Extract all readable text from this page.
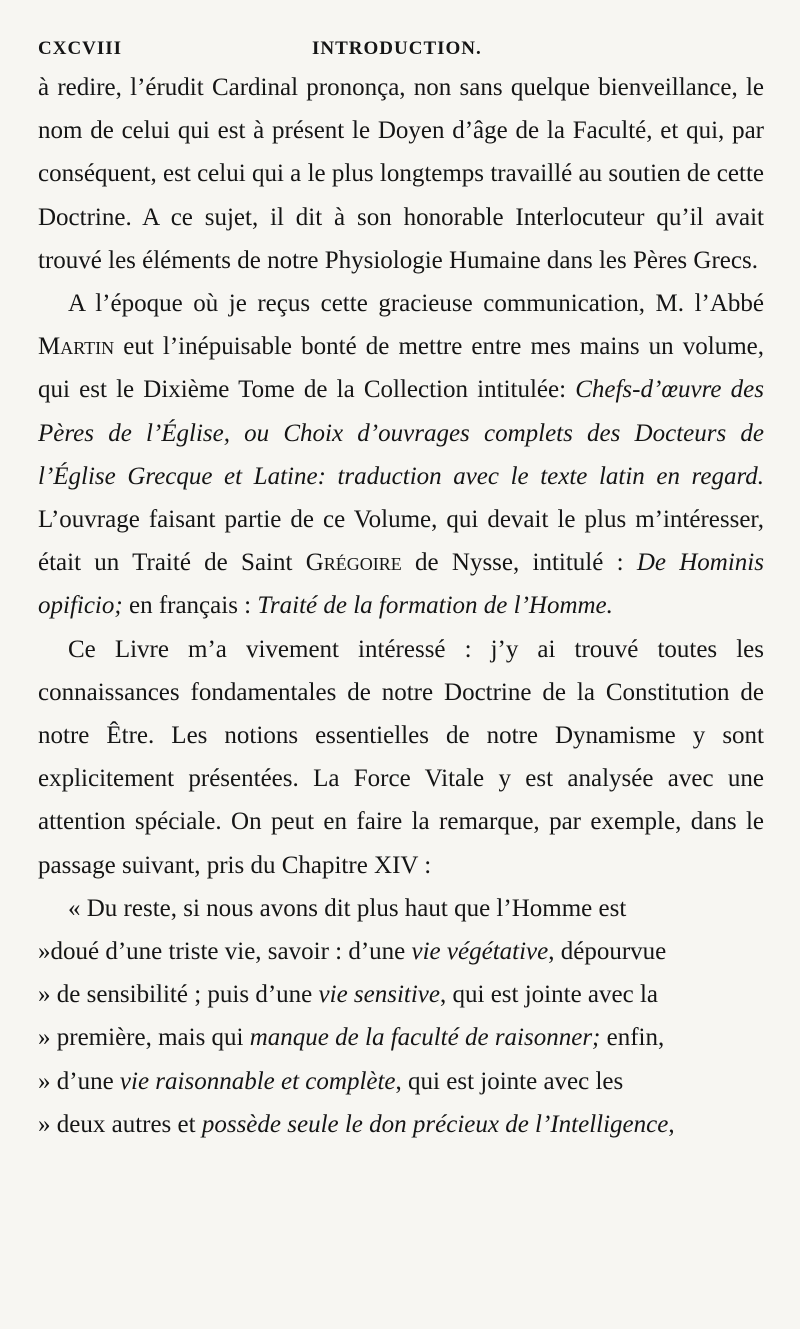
CXCVIII	INTRODUCTION.

à redire, l’érudit Cardinal prononça, non sans quelque bienveillance, le nom de celui qui est à présent le Doyen d’âge de la Faculté, et qui, par conséquent, est celui qui a le plus longtemps travaillé au soutien de cette Doctrine. A ce sujet, il dit à son honorable Interlocuteur qu’il avait trouvé les éléments de notre Physiologie Humaine dans les Pères Grecs.

A l’époque où je reçus cette gracieuse communication, M. l’Abbé Martin eut l’inépuisable bonté de mettre entre mes mains un volume, qui est le Dixième Tome de la Collection intitulée: Chefs-d’œuvre des Pères de l’Église, ou Choix d’ouvrages complets des Docteurs de l’Église Grecque et Latine: traduction avec le texte latin en regard. L’ouvrage faisant partie de ce Volume, qui devait le plus m’intéresser, était un Traité de Saint Grégoire de Nysse, intitulé : De Hominis opificio; en français : Traité de la formation de l’Homme.

Ce Livre m’a vivement intéressé : j’y ai trouvé toutes les connaissances fondamentales de notre Doctrine de la Constitution de notre Être. Les notions essentielles de notre Dynamisme y sont explicitement présentées. La Force Vitale y est analysée avec une attention spéciale. On peut en faire la remarque, par exemple, dans le passage suivant, pris du Chapitre XIV :

« Du reste, si nous avons dit plus haut que l’Homme est

»doué d’une triste vie, savoir : d’une vie végétative, dépourvue

» de sensibilité ; puis d’une vie sensitive, qui est jointe avec la

» première, mais qui manque de la faculté de raisonner; enfin,

» d’une vie raisonnable et complète, qui est jointe avec les

» deux autres et possède seule le don précieux de l’Intelligence,
